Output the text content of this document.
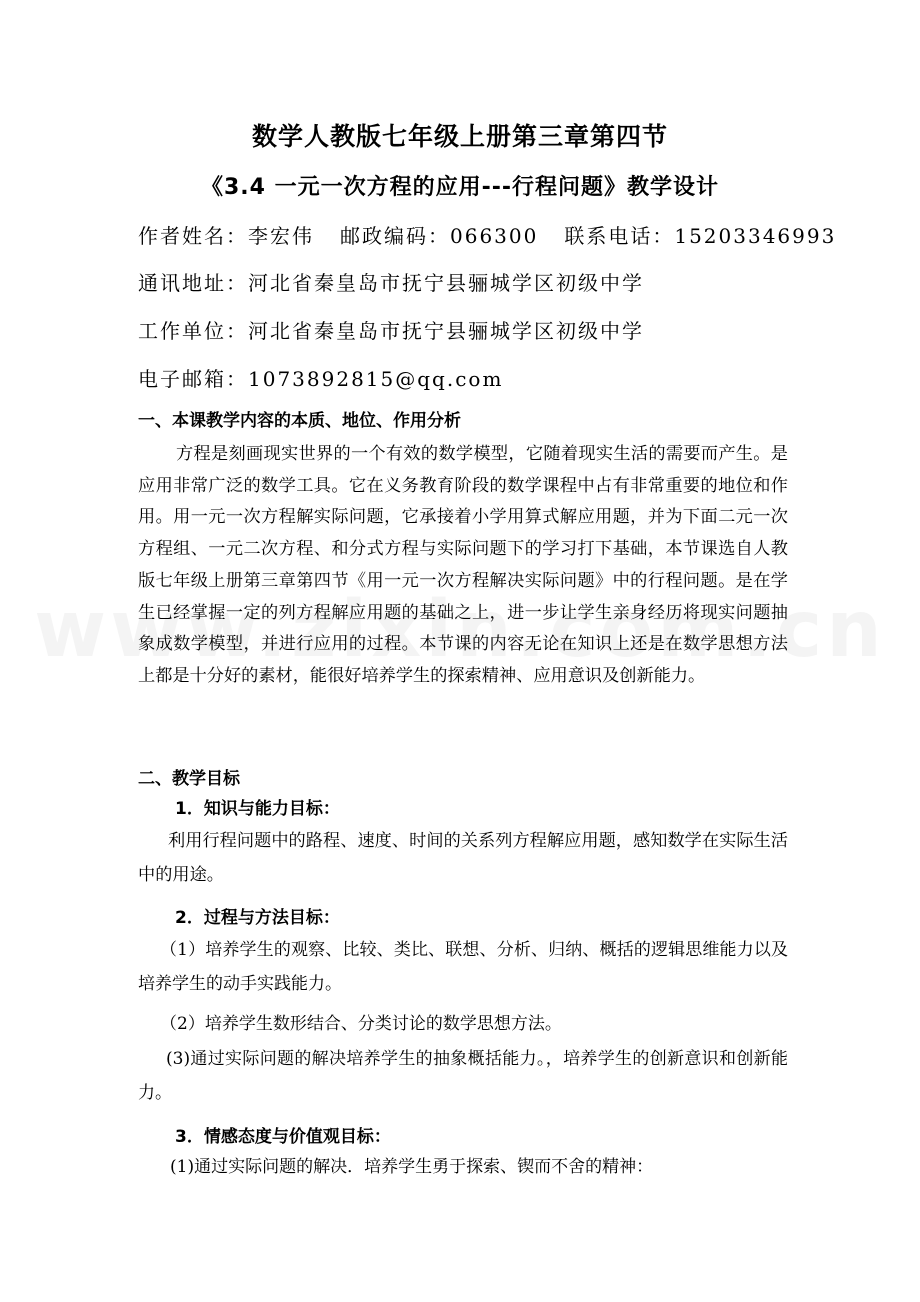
数学人教版七年级上册第三章第四节
《3.4 一元一次方程的应用---行程问题》教学设计
作者姓名：李宏伟 邮政编码：066300 联系电话：15203346993
通讯地址：河北省秦皇岛市抚宁县骊城学区初级中学
工作单位：河北省秦皇岛市抚宁县骊城学区初级中学
电子邮箱：1073892815@qq.com
一、本课教学内容的本质、地位、作用分析
方程是刻画现实世界的一个有效的数学模型，它随着现实生活的需要而产生。是应用非常广泛的数学工具。它在义务教育阶段的数学课程中占有非常重要的地位和作用。用一元一次方程解实际问题，它承接着小学用算式解应用题，并为下面二元一次方程组、一元二次方程、和分式方程与实际问题下的学习打下基础，本节课选自人教版七年级上册第三章第四节《用一元一次方程解决实际问题》中的行程问题。是在学生已经掌握一定的列方程解应用题的基础之上，进一步让学生亲身经历将现实问题抽象成数学模型，并进行应用的过程。本节课的内容无论在知识上还是在数学思想方法上都是十分好的素材，能很好培养学生的探索精神、应用意识及创新能力。
二、教学目标
1．知识与能力目标：
利用行程问题中的路程、速度、时间的关系列方程解应用题，感知数学在实际生活中的用途。
2．过程与方法目标：
（1）培养学生的观察、比较、类比、联想、分析、归纳、概括的逻辑思维能力以及培养学生的动手实践能力。
（2）培养学生数形结合、分类讨论的数学思想方法。
(3)通过实际问题的解决培养学生的抽象概括能力。，培养学生的创新意识和创新能力。
3．情感态度与价值观目标：
(1)通过实际问题的解决．培养学生勇于探索、锲而不舍的精神：
